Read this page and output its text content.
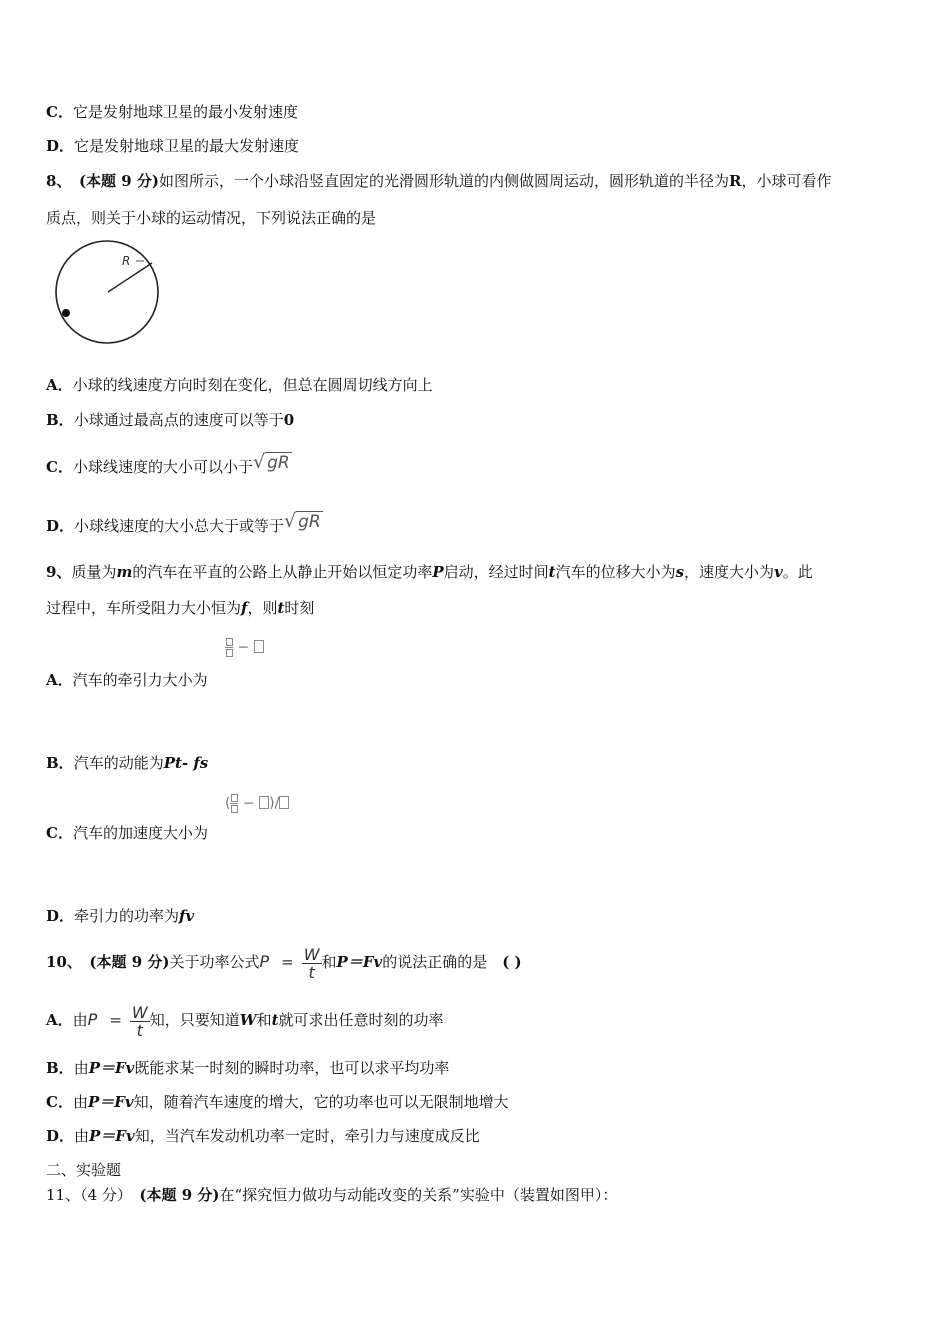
C．它是发射地球卫星的最小发射速度
D．它是发射地球卫星的最大发射速度
8、 (本题 9 分)如图所示，一个小球沿竖直固定的光滑圆形轨道的内侧做圆周运动，圆形轨道的半径为R，小球可看作
质点，则关于小球的运动情况，下列说法正确的是
R
A．小球的线速度方向时刻在变化，但总在圆周切线方向上
B．小球通过最高点的速度可以等于0
C．小球线速度的大小可以小于√ gR
D．小球线速度的大小总大于或等于√ gR
9、质量为m的汽车在平直的公路上从静止开始以恒定功率P启动，经过时间t汽车的位移大小为s，速度大小为v。此
过程中，车所受阻力大小恒为f，则t时刻
−
A．汽车的牵引力大小为
B．汽车的动能为Pt- fs
(
− )/
C．汽车的加速度大小为
D．牵引力的功率为fv
10、 (本题 9 分)关于功率公式$P = \frac{W}{t}$ 和P＝Fv的说法正确的是 ( )
A．由$P = \frac{W}{t}$ 知，只要知道W和t就可求出任意时刻的功率
B．由P＝Fv既能求某一时刻的瞬时功率，也可以求平均功率
C．由P＝Fv知，随着汽车速度的增大，它的功率也可以无限制地增大
D．由P＝Fv知，当汽车发动机功率一定时，牵引力与速度成反比
二、实验题
11、（4 分） (本题 9 分)在“探究恒力做功与动能改变的关系”实验中（装置如图甲）：
